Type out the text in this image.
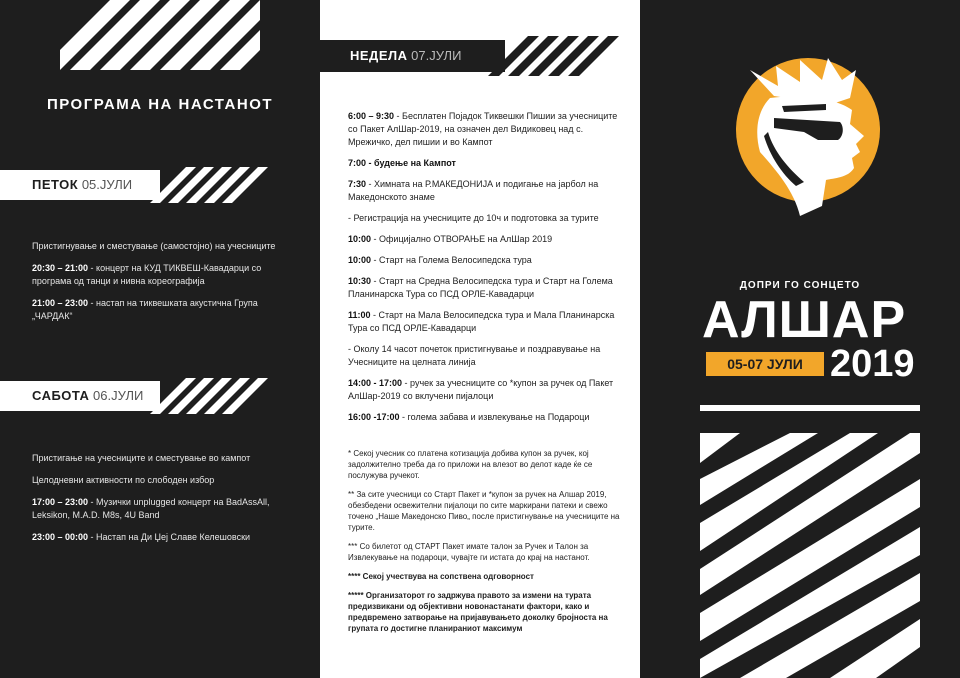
ПРОГРАМА НА НАСТАНОТ
ПЕТОК 05.ЈУЛИ
Пристигнување и сместување (самостојно) на учесниците
20:30 – 21:00 - концерт на КУД ТИКВЕШ-Кавадарци со програма од танци и нивна кореографија
21:00 – 23:00 - настап на тиквешката акустична Група „ЧАРДАК“
САБОТА 06.ЈУЛИ
Пристигање на учесниците и сместување во кампот
Целодневни активности по слободен избор
17:00 – 23:00 - Музички unplugged концерт на BadAssAll, Leksikon, M.A.D. M8s, 4U Band
23:00 – 00:00 - Настап на Ди Џеј Славе Келешовски
НЕДЕЛА 07.ЈУЛИ
6:00 – 9:30 - Бесплатен Појадок Тиквешки Пишии за учесниците со Пакет АлШар-2019, на означен дел Видиковец над с. Мрежичко, дел пишии и во Кампот
7:00 - будење на Кампот
7:30 - Химната на Р.МАКЕДОНИЈА и подигање на јарбол на Македонското знаме
- Регистрација на учесниците до 10ч и подготовка за турите
10:00 - Официјално ОТВОРАЊЕ на АлШар 2019
10:00 - Старт на Голема Велосипедска тура
10:30 - Старт на Средна Велосипедска тура и Старт на Голема Планинарска Тура со ПСД ОРЛЕ-Кавадарци
11:00 - Старт на Мала Велосипедска тура и Мала Планинарска Тура со ПСД ОРЛЕ-Кавадарци
- Околу 14 часот почеток пристигнување и поздравување на Учесниците на целната линија
14:00 - 17:00 - ручек за учесниците со *купон за ручек од Пакет АлШар-2019 со вклучени пијалоци
16:00 -17:00 - голема забава и извлекување на Подароци
* Секој учесник со платена котизација добива купон за ручек, кој задолжително треба да го приложи на влезот во делот каде ќе се послужува ручекот.
** За сите учесници со Старт Пакет и *купон за ручек на Алшар 2019, обезбедени освежителни пијалоци по сите маркирани патеки и свежо точено „Наше Македонско Пиво„ после пристигнување на учесниците на турите.
*** Со билетот од СТАРТ Пакет имате талон за Ручек и Талон за Извлекување на подароци, чувајте ги истата до крај на настанот.
**** Секој учествува на сопствена одговорност
***** Организаторот го задржува правото за измени на турата предизвикани од објективни новонастанати фактори, како и предвремено затворање на пријавувањето доколку бројноста на групата го достигне планираниот максимум
ДОПРИ ГО СОНЦЕТО
АЛШАР
05-07 ЈУЛИ 2019
